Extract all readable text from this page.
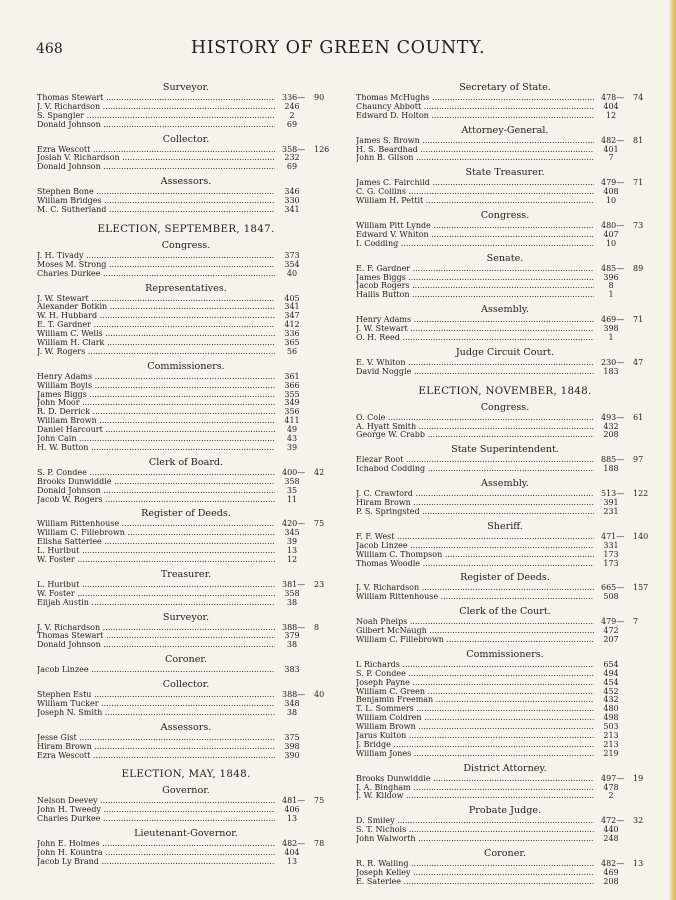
468	HISTORY OF GREEN COUNTY.
Surveyor.
Thomas Stewart .....	336— 90
J. V. Richardson .....	246
S. Spangler .....	2
Donald Johnson .....	69
Collector.
Ezra Wescott .....	358— 126
Josiah V. Richardson .....	232
Donald Johnson .....	69
Assessors.
Stephen Bone .....	346
William Bridges .....	330
M. C. Sutherland .....	341
ELECTION, SEPTEMBER, 1847.
Congress.
J. H. Tivady .....	373
Moses M. Strong .....	354
Charles Durkee .....	40
Representatives.
J. W. Stewart .....	405
Alexander Botkin .....	341
W. H. Hubbard .....	347
E. T. Gardner .....	412
William C. Wells .....	336
William H. Clark .....	365
J. W. Rogers .....	56
Commissioners.
Henry Adams .....	361
William Boyls .....	366
James Biggs .....	355
John Moor .....	349
R. D. Derrick .....	356
William Brown .....	411
Daniel Harcourt .....	49
John Cain .....	43
H. W. Button .....	39
Clerk of Board.
S. P. Condee .....	400— 42
Brooks Dunwiddie .....	358
Donald Johnson .....	35
Jacob W. Rogers .....	11
Register of Deeds.
William Rittenhouse .....	420— 75
William C. Fillebrown .....	345
Elisha Satterlee .....	39
L. Hurlbut .....	13
W. Foster .....	12
Treasurer.
L. Hurlbut .....	381— 23
W. Foster .....	358
Elijah Austin .....	38
Surveyor.
J. V. Richardson .....	388— 8
Thomas Stewart .....	379
Donald Johnson .....	38
Coroner.
Jacob Linzee .....	383
Collector.
Stephen Estu .....	388— 40
William Tucker .....	348
Joseph N. Smith .....	38
Assessors.
Jesse Gist .....	375
Hiram Brown .....	398
Ezra Wescott .....	390
ELECTION, MAY, 1848.
Governor.
Nelson Deevey .....	481— 75
John H. Tweedy .....	406
Charles Durkee .....	13
Lieutenant-Governor.
John E. Holmes .....	482— 78
John H. Kountra .....	404
Jacob Ly Brand .....	13
Secretary of State.
Thomas McHughs .....	478— 74
Chauncy Abbott .....	404
Edward D. Holton .....	12
Attorney-General.
James S. Brown .....	482— 81
H. S. Beardhad .....	401
John B. Gilson .....	7
State Treasurer.
James C. Fairchild .....	479— 71
C. G. Collins .....	408
William H. Pettit .....	10
Congress.
William Pitt Lynde .....	480— 73
Edward V. Whiton .....	407
I. Codding .....	10
Senate.
E. F. Gardner .....	485— 89
James Biggs .....	396
Jacob Rogers .....	8
Hallis Button .....	1
Assembly.
Henry Adams .....	469— 71
J. W. Stewart .....	398
O. H. Reed .....	1
Judge Circuit Court.
E. V. Whiton .....	230— 47
David Noggle .....	183
ELECTION, NOVEMBER, 1848.
Congress.
O. Cole .....	493— 61
A. Hyatt Smith .....	432
George W. Crabb .....	208
State Superintendent.
Elezar Root .....	885— 97
Ichabod Codding .....	188
Assembly.
J. C. Crawford .....	513— 122
Hiram Brown .....	391
P. S. Springsted .....	231
Sheriff.
F. F. West .....	471— 140
Jacob Linzee .....	331
William C. Thompson .....	173
Thomas Woodle .....	173
Register of Deeds.
J. V. Richardson .....	665— 157
William Rittenhouse .....	508
Clerk of the Court.
Noah Phelps .....	479— 7
Gilbert McNaugh .....	472
William C. Fillebrown .....	207
Commissioners.
L Richards .....	654
S. P. Condee .....	494
Joseph Payne .....	454
William C. Green .....	452
Benjamin Freeman .....	432
T. L. Sommers .....	480
William Coldren .....	498
William Brown .....	503
Jarus Kulton .....	213
J. Bridge .....	213
William Jones .....	219
District Attorney.
Brooks Dunwiddie .....	497— 19
J. A. Bingham .....	478
J. W. Kildow .....	2
Probate Judge.
D. Smiley .....	472— 32
S. T. Nichols .....	440
John Walworth .....	248
Coroner.
R. R. Walling .....	482— 13
Joseph Kelley .....	469
E. Saterlee .....	208
